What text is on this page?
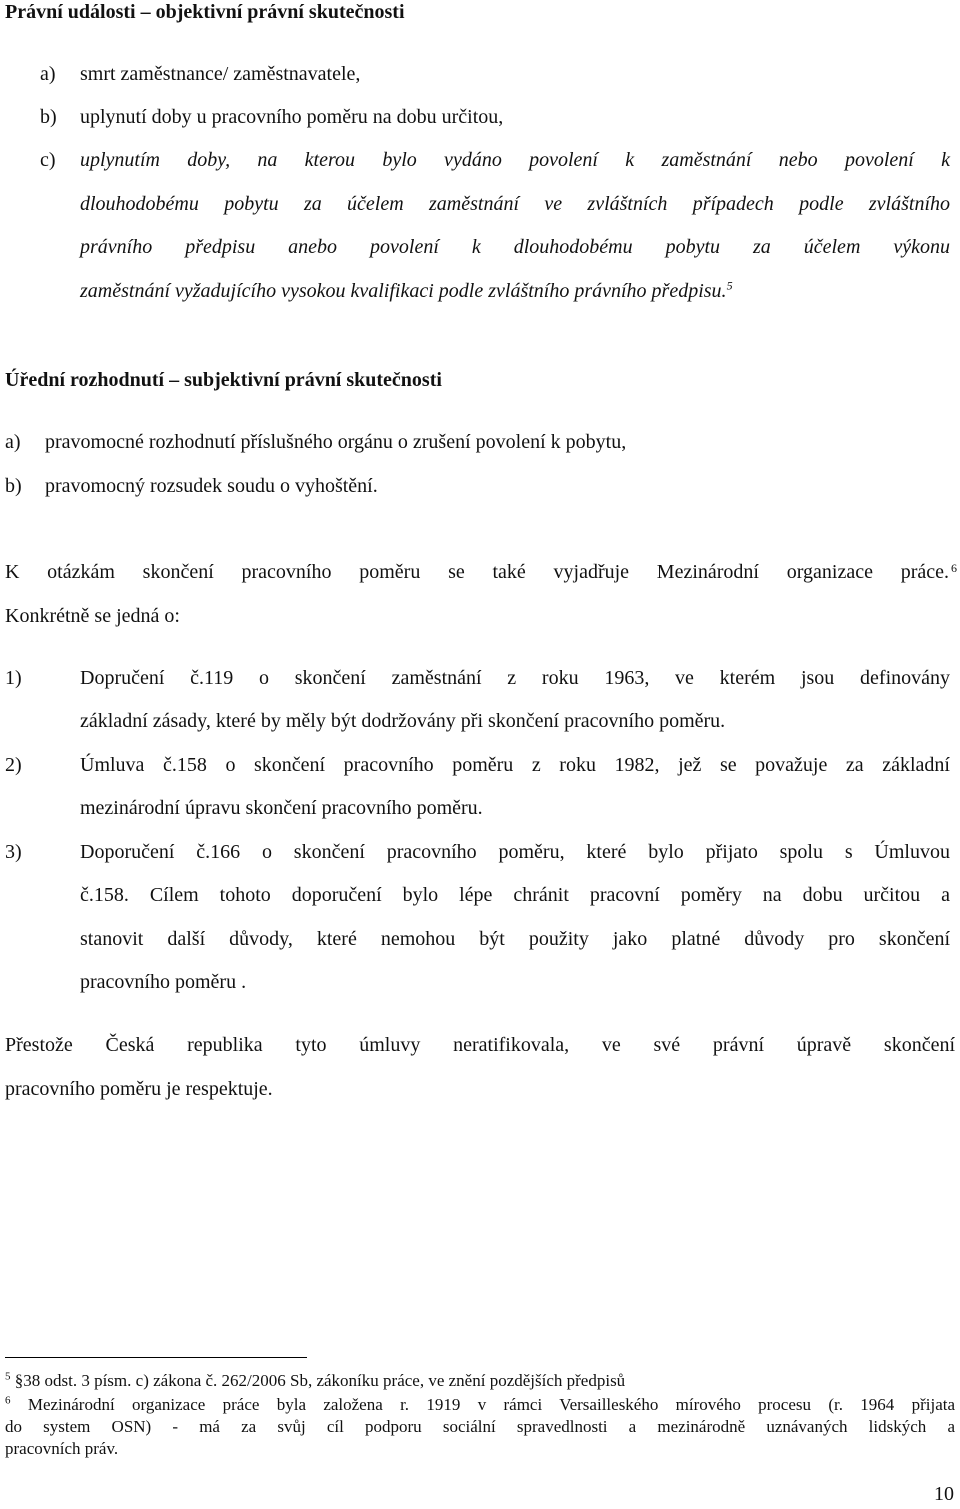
Právní události – objektivní právní skutečnosti
a)	smrt zaměstnance/ zaměstnavatele,
b)	uplynutí doby u pracovního poměru na dobu určitou,
c)	uplynutím doby, na kterou bylo vydáno povolení k zaměstnání nebo povolení k
dlouhodobému pobytu za účelem zaměstnání ve zvláštních případech podle zvláštního
právního předpisu anebo povolení k dlouhodobému pobytu za účelem výkonu
zaměstnání vyžadujícího vysokou kvalifikaci podle zvláštního právního předpisu.$^5$
Úřední rozhodnutí – subjektivní právní skutečnosti
a)	pravomocné rozhodnutí příslušného orgánu o zrušení povolení k pobytu,
b)	pravomocný rozsudek soudu o vyhoštění.
K otázkám skončení pracovního poměru se také vyjadřuje Mezinárodní organizace práce. 6
Konkrétně se jedná o:
1)	Dopručení č.119 o skončení zaměstnání z roku 1963, ve kterém jsou definovány
základní zásady, které by měly být dodržovány při skončení pracovního poměru.
2)	Úmluva č.158 o skončení pracovního poměru z roku 1982, jež se považuje za základní
mezinárodní úpravu skončení pracovního poměru.
3)	Doporučení č.166 o skončení pracovního poměru, které bylo přijato spolu s Úmluvou
č.158. Cílem tohoto doporučení bylo lépe chránit pracovní poměry na dobu určitou a
stanovit další důvody, které nemohou být použity jako platné důvody pro skončení
pracovního poměru .
Přestože Česká republika tyto úmluvy neratifikovala, ve své právní úpravě skončení
pracovního poměru je respektuje.
$^5$ §38 odst. 3 písm. c) zákona č. 262/2006 Sb, zákoníku práce, ve znění pozdějších předpisů
$^6$ Mezinárodní organizace práce byla založena r. 1919 v rámci Versailleského mírového procesu (r. 1964 přijata
do system OSN) - má za svůj cíl podporu sociální spravedlnosti a mezinárodně uznávaných lidských a
pracovních práv.
10
